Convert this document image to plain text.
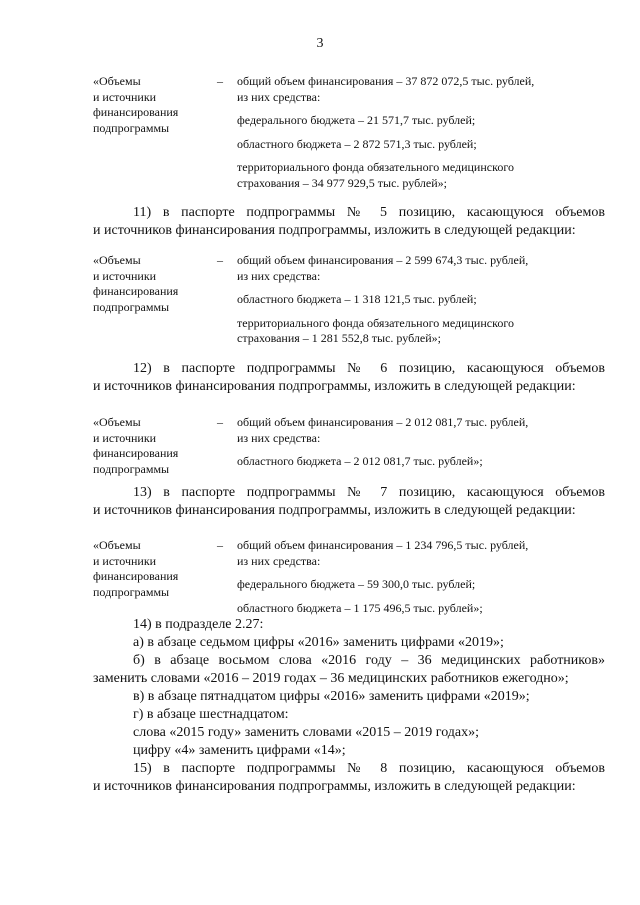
3
«Объемы
и источники
финансирования
подпрограммы
–	общий объем финансирования – 37 872 072,5 тыс. рублей,
из них средства:
федерального бюджета – 21 571,7 тыс. рублей;
областного бюджета – 2 872 571,3 тыс. рублей;
территориального фонда обязательного медицинского
страхования – 34 977 929,5 тыс. рублей»;
11) в паспорте подпрограммы № 5 позицию, касающуюся объемов
и источников финансирования подпрограммы, изложить в следующей редакции:
«Объемы
и источники
финансирования
подпрограммы
–	общий объем финансирования – 2 599 674,3 тыс. рублей,
из них средства:
областного бюджета – 1 318 121,5 тыс. рублей;
территориального фонда обязательного медицинского
страхования – 1 281 552,8 тыс. рублей»;
12) в паспорте подпрограммы № 6 позицию, касающуюся объемов
и источников финансирования подпрограммы, изложить в следующей редакции:
«Объемы
и источники
финансирования
подпрограммы
–	общий объем финансирования – 2 012 081,7 тыс. рублей,
из них средства:
областного бюджета – 2 012 081,7 тыс. рублей»;
13) в паспорте подпрограммы № 7 позицию, касающуюся объемов
и источников финансирования подпрограммы, изложить в следующей редакции:
«Объемы
и источники
финансирования
подпрограммы
–	общий объем финансирования – 1 234 796,5 тыс. рублей,
из них средства:
федерального бюджета – 59 300,0 тыс. рублей;
областного бюджета – 1 175 496,5 тыс. рублей»;
14) в подразделе 2.27:
а) в абзаце седьмом цифры «2016» заменить цифрами «2019»;
б) в абзаце восьмом слова «2016 году – 36 медицинских работников»
заменить словами «2016 – 2019 годах – 36 медицинских работников ежегодно»;
в) в абзаце пятнадцатом цифры «2016» заменить цифрами «2019»;
г) в абзаце шестнадцатом:
слова «2015 году» заменить словами «2015 – 2019 годах»;
цифру «4» заменить цифрами «14»;
15) в паспорте подпрограммы № 8 позицию, касающуюся объемов
и источников финансирования подпрограммы, изложить в следующей редакции:
